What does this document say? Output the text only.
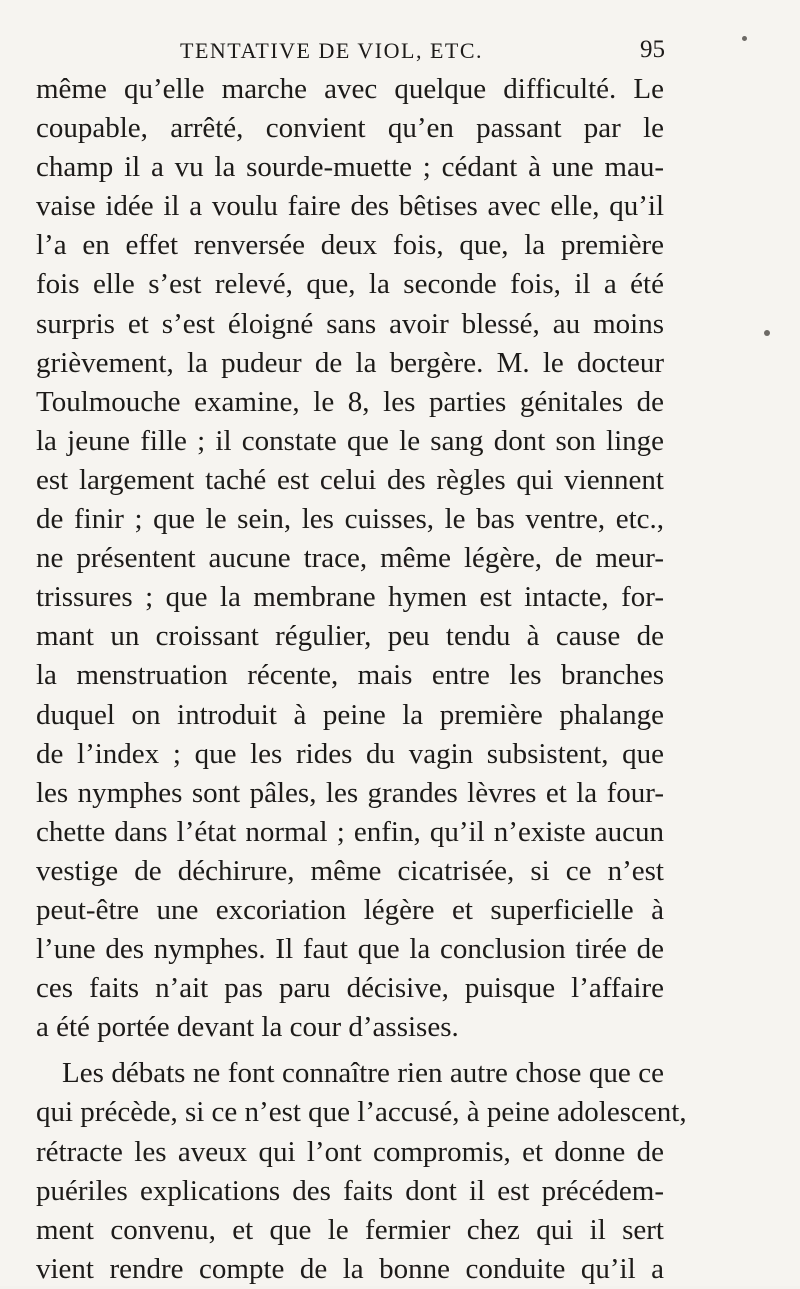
TENTATIVE DE VIOL, ETC.	95
même qu’elle marche avec quelque difficulté. Le
coupable, arrêté, convient qu’en passant par le
champ il a vu la sourde-muette ; cédant à une mau-
vaise idée il a voulu faire des bêtises avec elle, qu’il
l’a en effet renversée deux fois, que, la première
fois elle s’est relevé, que, la seconde fois, il a été
surpris et s’est éloigné sans avoir blessé, au moins
grièvement, la pudeur de la bergère. M. le docteur
Toulmouche examine, le 8, les parties génitales de
la jeune fille ; il constate que le sang dont son linge
est largement taché est celui des règles qui viennent
de finir ; que le sein, les cuisses, le bas ventre, etc.,
ne présentent aucune trace, même légère, de meur-
trissures ; que la membrane hymen est intacte, for-
mant un croissant régulier, peu tendu à cause de
la menstruation récente, mais entre les branches
duquel on introduit à peine la première phalange
de l’index ; que les rides du vagin subsistent, que
les nymphes sont pâles, les grandes lèvres et la four-
chette dans l’état normal ; enfin, qu’il n’existe aucun
vestige de déchirure, même cicatrisée, si ce n’est
peut-être une excoriation légère et superficielle à
l’une des nymphes. Il faut que la conclusion tirée de
ces faits n’ait pas paru décisive, puisque l’affaire
a été portée devant la cour d’assises.
Les débats ne font connaître rien autre chose que ce
qui précède, si ce n’est que l’accusé, à peine adolescent,
rétracte les aveux qui l’ont compromis, et donne de
puériles explications des faits dont il est précédem-
ment convenu, et que le fermier chez qui il sert
vient rendre compte de la bonne conduite qu’il a
